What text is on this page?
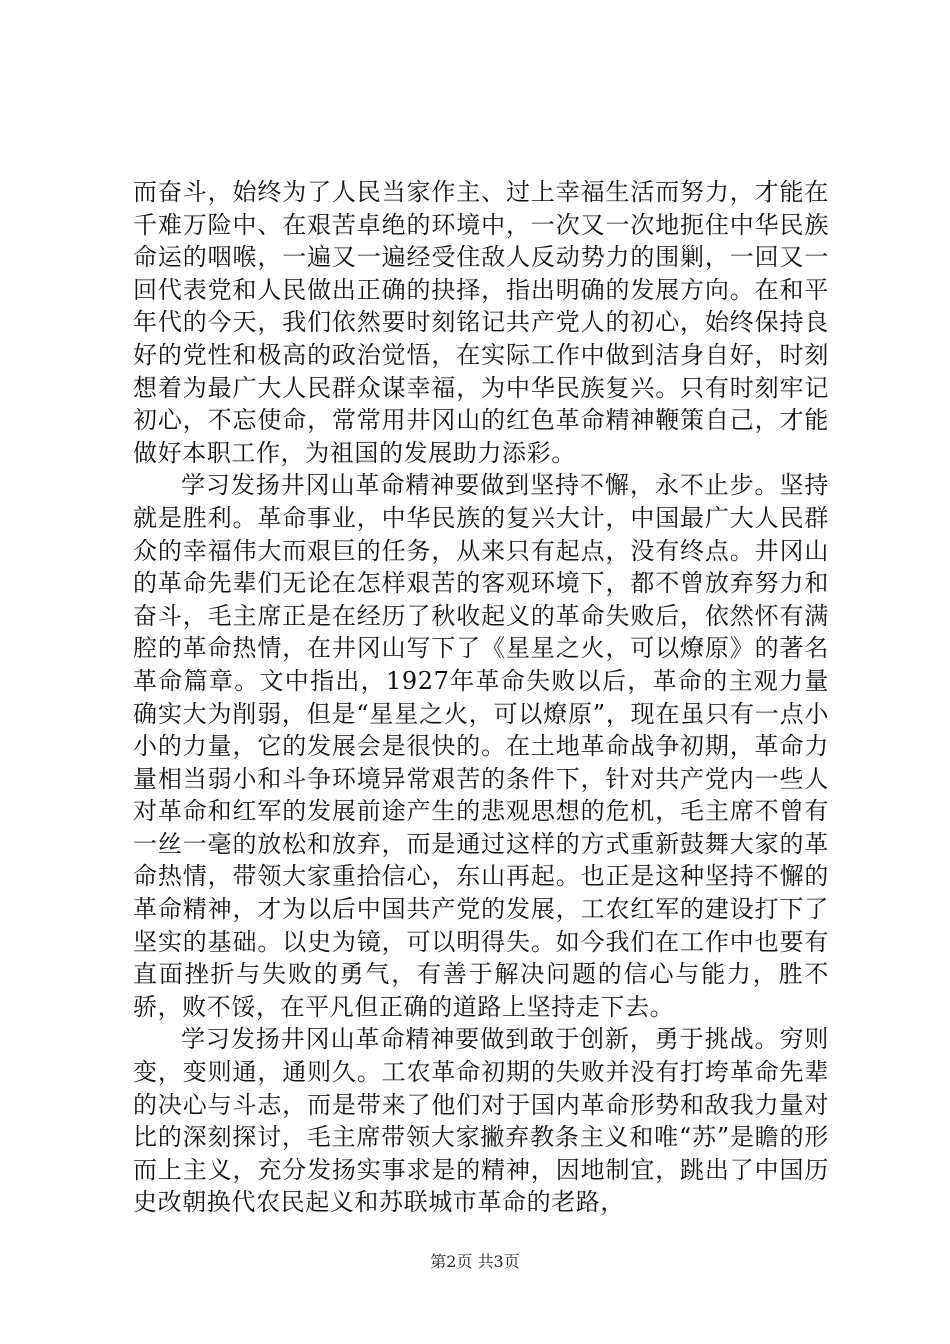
而奋斗，始终为了人民当家作主、过上幸福生活而努力，才能在千难万险中、在艰苦卓绝的环境中，一次又一次地扼住中华民族命运的咽喉，一遍又一遍经受住敌人反动势力的围剿，一回又一回代表党和人民做出正确的抉择，指出明确的发展方向。在和平年代的今天，我们依然要时刻铭记共产党人的初心，始终保持良好的党性和极高的政治觉悟，在实际工作中做到洁身自好，时刻想着为最广大人民群众谋幸福，为中华民族复兴。只有时刻牢记初心，不忘使命，常常用井冈山的红色革命精神鞭策自己，才能做好本职工作，为祖国的发展助力添彩。

学习发扬井冈山革命精神要做到坚持不懈，永不止步。坚持就是胜利。革命事业，中华民族的复兴大计，中国最广大人民群众的幸福伟大而艰巨的任务，从来只有起点，没有终点。井冈山的革命先辈们无论在怎样艰苦的客观环境下，都不曾放弃努力和奋斗，毛主席正是在经历了秋收起义的革命失败后，依然怀有满腔的革命热情，在井冈山写下了《星星之火，可以燎原》的著名革命篇章。文中指出，1927年革命失败以后，革命的主观力量确实大为削弱，但是“星星之火，可以燎原”，现在虽只有一点小小的力量，它的发展会是很快的。在土地革命战争初期，革命力量相当弱小和斗争环境异常艰苦的条件下，针对共产党内一些人对革命和红军的发展前途产生的悲观思想的危机，毛主席不曾有一丝一毫的放松和放弃，而是通过这样的方式重新鼓舞大家的革命热情，带领大家重拾信心，东山再起。也正是这种坚持不懈的革命精神，才为以后中国共产党的发展，工农红军的建设打下了坚实的基础。以史为镜，可以明得失。如今我们在工作中也要有直面挫折与失败的勇气，有善于解决问题的信心与能力，胜不骄，败不馁，在平凡但正确的道路上坚持走下去。

学习发扬井冈山革命精神要做到敢于创新，勇于挑战。穷则变，变则通，通则久。工农革命初期的失败并没有打垮革命先辈的决心与斗志，而是带来了他们对于国内革命形势和敌我力量对比的深刻探讨，毛主席带领大家撇弃教条主义和唯“苏”是瞻的形而上主义，充分发扬实事求是的精神，因地制宜，跳出了中国历史改朝换代农民起义和苏联城市革命的老路，

第2页 共3页
